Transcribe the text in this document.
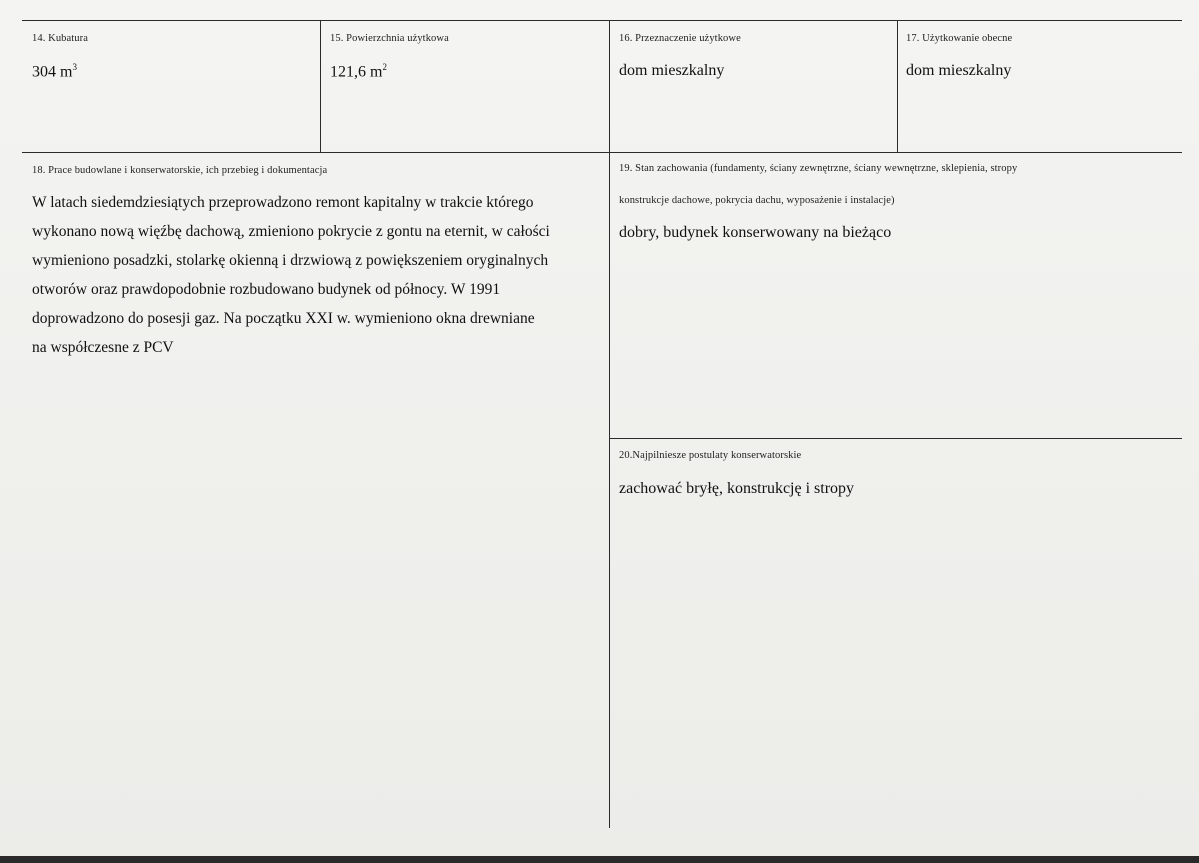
14. Kubatura
304 $m^3$
15. Powierzchnia użytkowa
121,6 $m^2$
16. Przeznaczenie użytkowe
dom mieszkalny
17. Użytkowanie obecne
dom mieszkalny
18. Prace budowlane i konserwatorskie, ich przebieg i dokumentacja
W latach siedemdziesiątych przeprowadzono remont kapitalny w trakcie którego
wykonano nową więźbę dachową, zmieniono pokrycie z gontu na eternit, w całości
wymieniono posadzki, stolarkę okienną i drzwiową z powiększeniem oryginalnych
otworów oraz prawdopodobnie rozbudowano budynek od północy. W 1991
doprowadzono do posesji gaz. Na początku XXI w. wymieniono okna drewniane
na współczesne z PCV
19. Stan zachowania (fundamenty, ściany zewnętrzne, ściany wewnętrzne, sklepienia, stropy
konstrukcje dachowe, pokrycia dachu, wyposażenie i instalacje)
dobry, budynek konserwowany na bieżąco
20.Najpilniesze postulaty konserwatorskie
zachować bryłę, konstrukcję i stropy
